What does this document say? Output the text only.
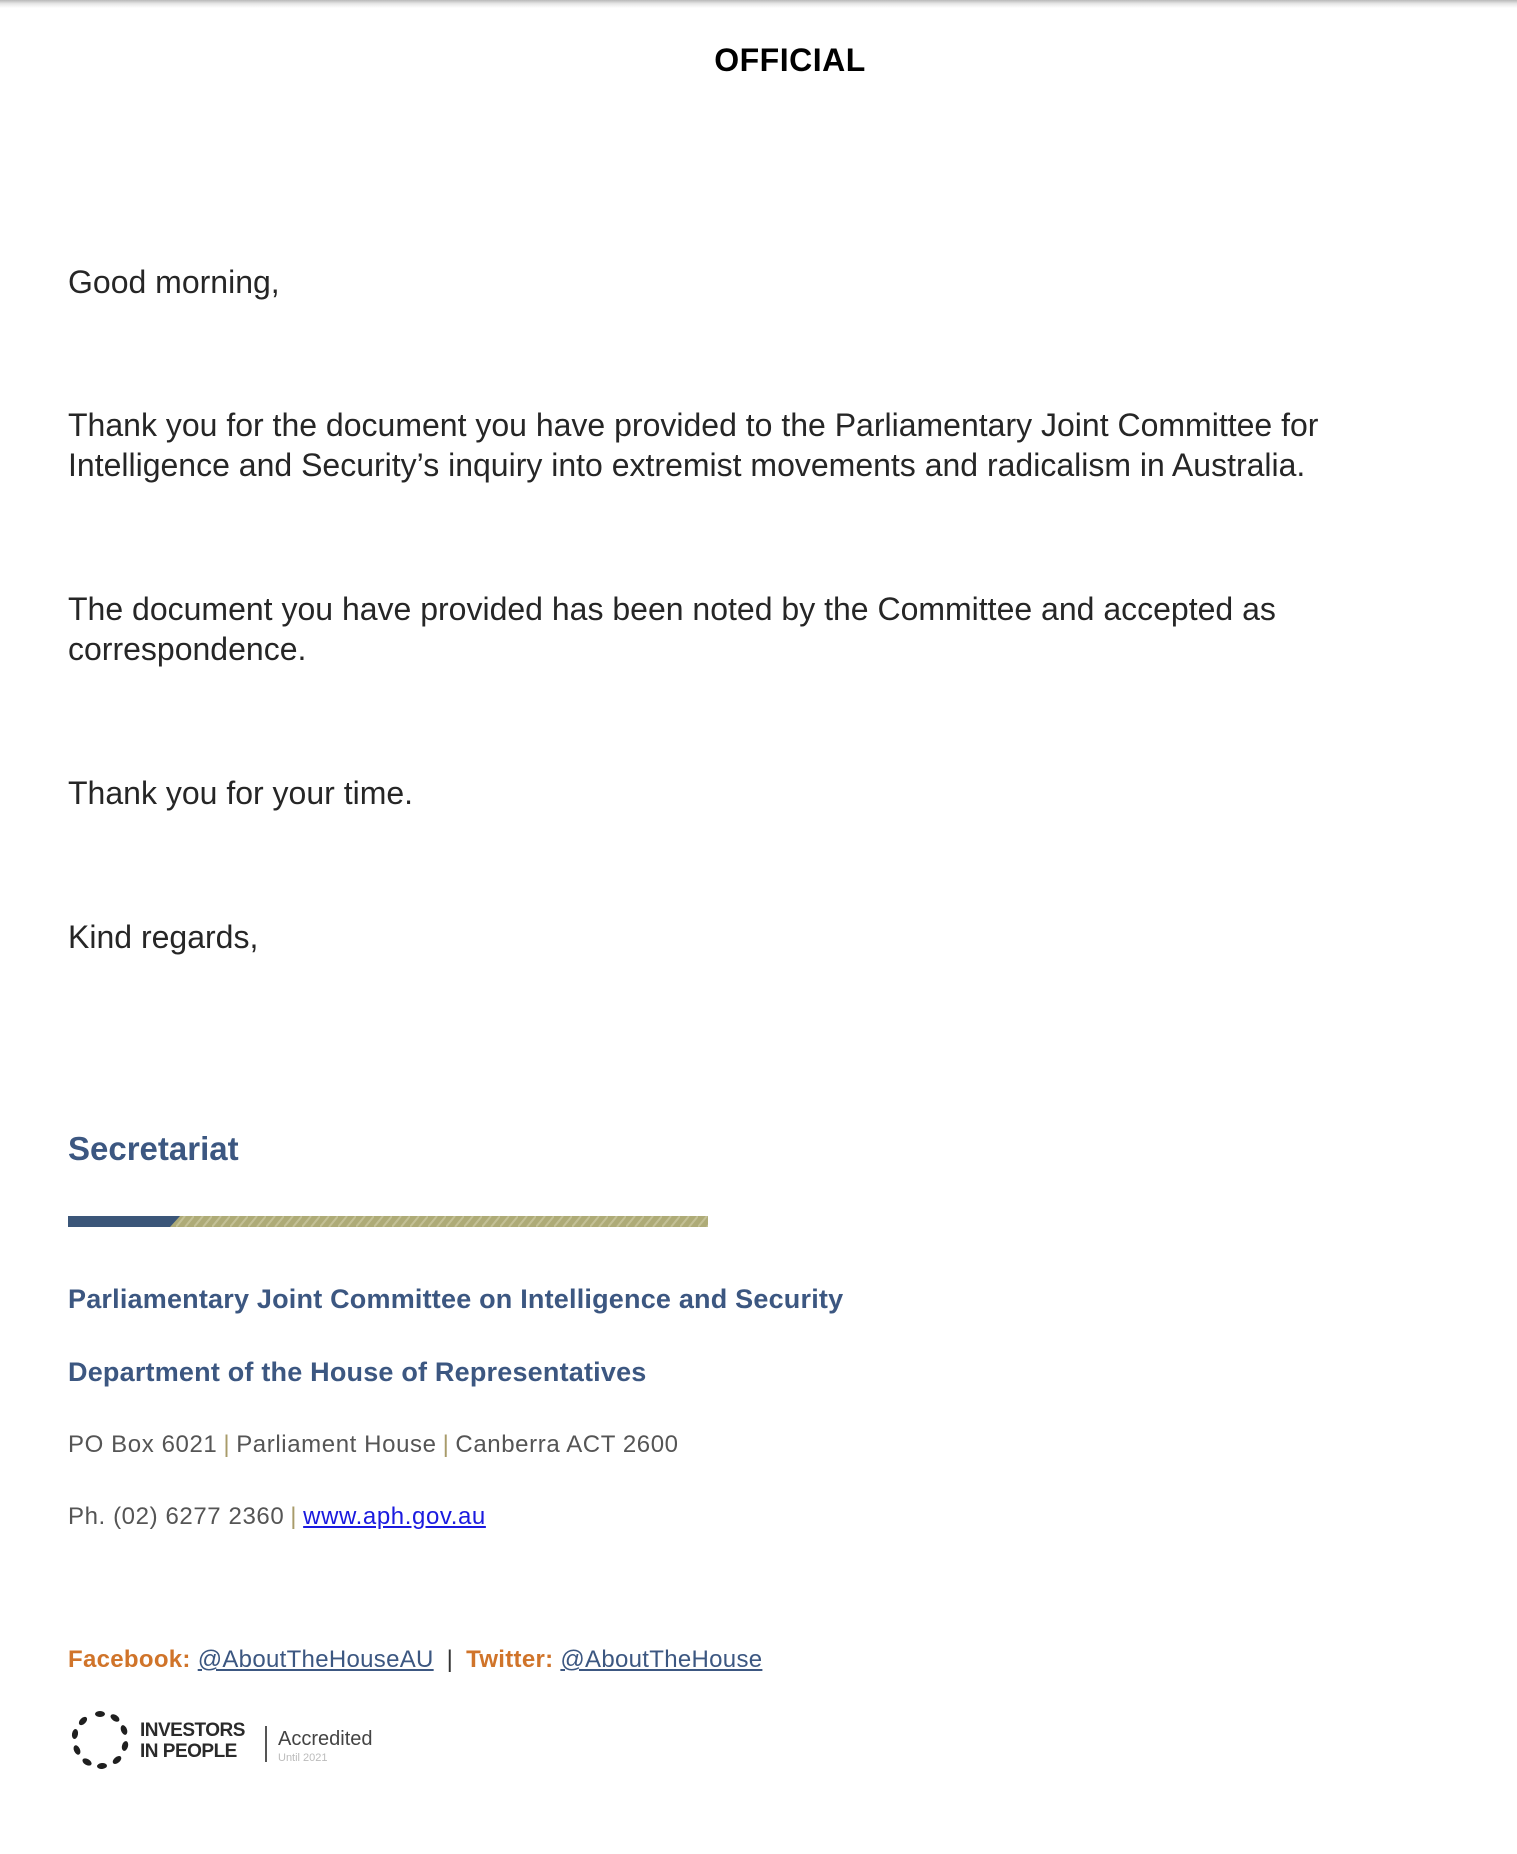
OFFICIAL
Good morning,
Thank you for the document you have provided to the Parliamentary Joint Committee for
Intelligence and Security’s inquiry into extremist movements and radicalism in Australia.
The document you have provided has been noted by the Committee and accepted as
correspondence.
Thank you for your time.
Kind regards,
Secretariat
Parliamentary Joint Committee on Intelligence and Security
Department of the House of Representatives
PO Box 6021 | Parliament House | Canberra ACT 2600
Ph. (02) 6277 2360 | www.aph.gov.au
Facebook: @AboutTheHouseAU | Twitter: @AboutTheHouse
INVESTORS
IN PEOPLE
Accredited
Until 2021
